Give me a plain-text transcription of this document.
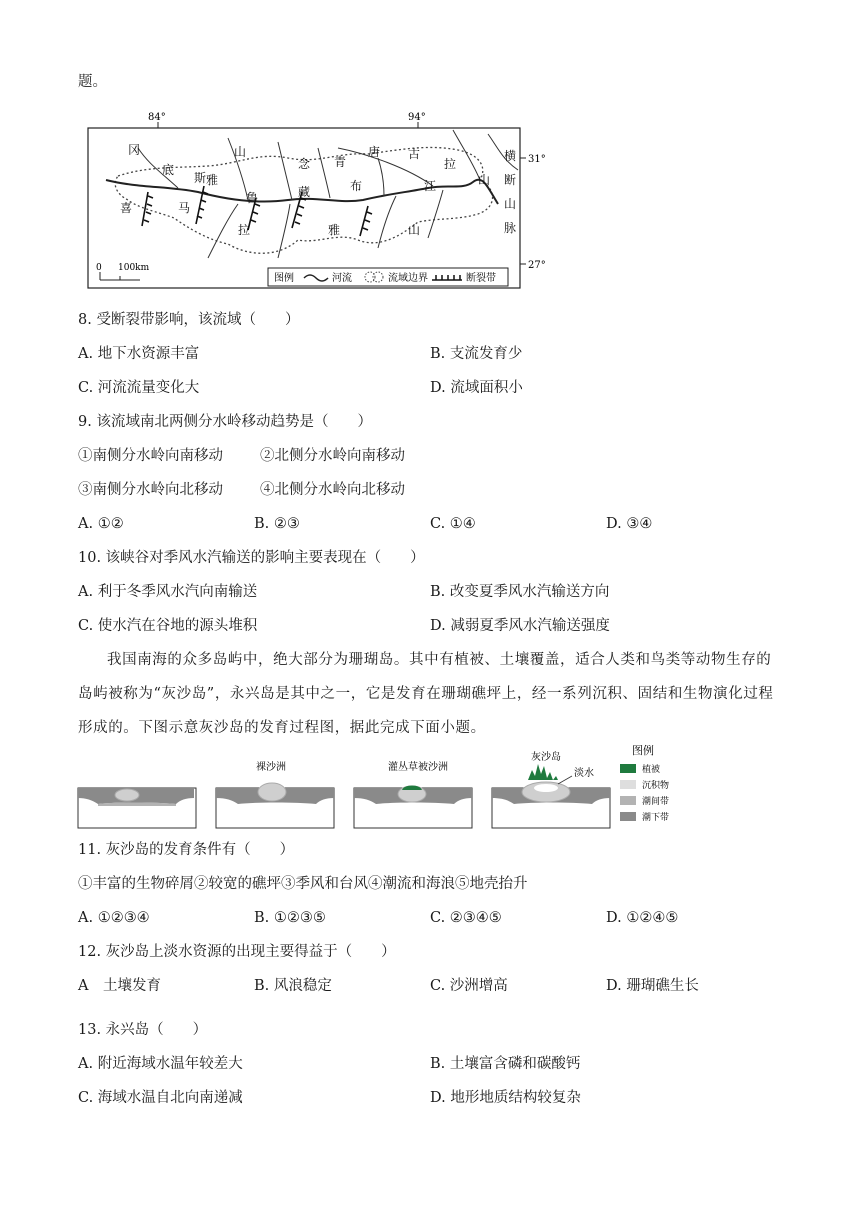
题。
84°	94°
31°
27°
冈
底
斯
山
念 青
唐 古
拉
山
横
断
山
脉
喜	马
拉	雅	山
雅
鲁	藏	布	江
0 100km
图例	河流	流域边界	断裂带
8. 受断裂带影响，该流域（　　）
A. 地下水资源丰富	B. 支流发育少
C. 河流流量变化大	D. 流域面积小
9. 该流域南北两侧分水岭移动趋势是（　　）
①南侧分水岭向南移动	②北侧分水岭向南移动
③南侧分水岭向北移动	④北侧分水岭向北移动
A. ①②	B. ②③	C. ①④	D. ③④
10. 该峡谷对季风水汽输送的影响主要表现在（　　）
A. 利于冬季风水汽向南输送	B. 改变夏季风水汽输送方向
C. 使水汽在谷地的源头堆积	D. 减弱夏季风水汽输送强度
我国南海的众多岛屿中，绝大部分为珊瑚岛。其中有植被、土壤覆盖，适合人类和鸟类等动物生存的岛屿被称为“灰沙岛”，永兴岛是其中之一，它是发育在珊瑚礁坪上，经一系列沉积、固结和生物演化过程形成的。下图示意灰沙岛的发育过程图，据此完成下面小题。
裸沙洲	灌丛草被沙洲
灰沙岛
淡水
图例
植被
沉积物
潮间带
潮下带
11. 灰沙岛的发育条件有（　　）
①丰富的生物碎屑②较宽的礁坪③季风和台风④潮流和海浪⑤地壳抬升
A. ①②③④	B. ①②③⑤	C. ②③④⑤	D. ①②④⑤
12. 灰沙岛上淡水资源的出现主要得益于（　　）
A　土壤发育	B. 风浪稳定	C. 沙洲增高	D. 珊瑚礁生长
13. 永兴岛（　　）
A. 附近海域水温年较差大	B. 土壤富含磷和碳酸钙
C. 海域水温自北向南递减	D. 地形地质结构较复杂
